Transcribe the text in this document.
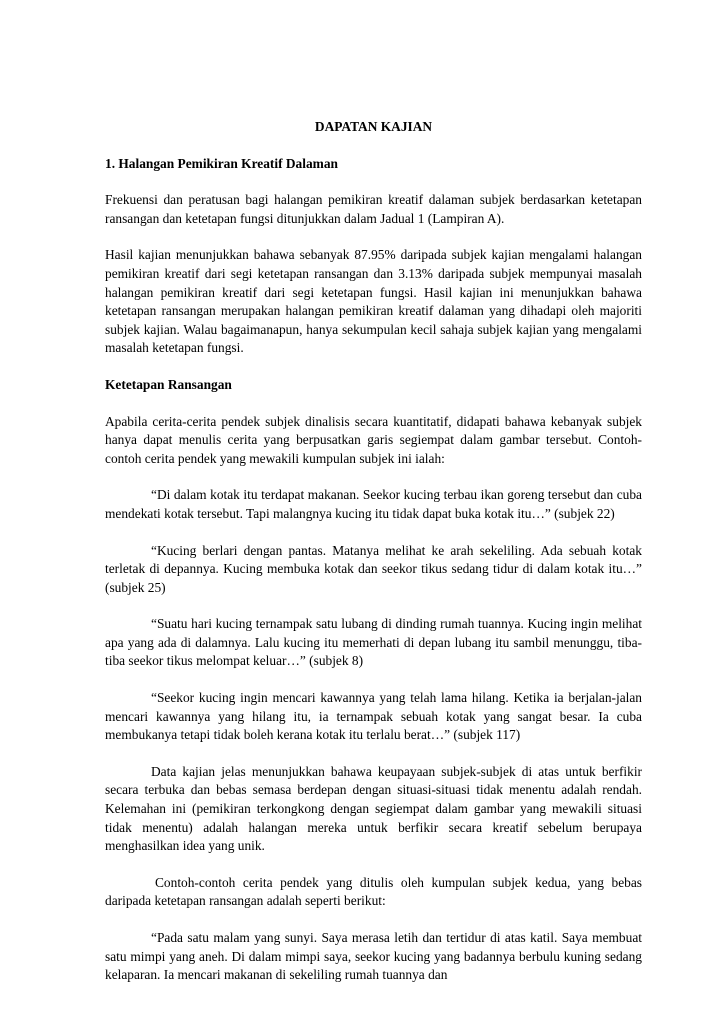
DAPATAN KAJIAN

1. Halangan Pemikiran Kreatif Dalaman

Frekuensi dan peratusan bagi halangan pemikiran kreatif dalaman subjek berdasarkan ketetapan ransangan dan ketetapan fungsi ditunjukkan dalam Jadual 1 (Lampiran A).

Hasil kajian menunjukkan bahawa sebanyak 87.95% daripada subjek kajian mengalami halangan pemikiran kreatif dari segi ketetapan ransangan dan 3.13% daripada subjek mempunyai masalah halangan pemikiran kreatif dari segi ketetapan fungsi. Hasil kajian ini menunjukkan bahawa ketetapan ransangan merupakan halangan pemikiran kreatif dalaman yang dihadapi oleh majoriti subjek kajian. Walau bagaimanapun, hanya sekumpulan kecil sahaja subjek kajian yang mengalami masalah ketetapan fungsi.

Ketetapan Ransangan

Apabila cerita-cerita pendek subjek dinalisis secara kuantitatif, didapati bahawa kebanyak subjek hanya dapat menulis cerita yang berpusatkan garis segiempat dalam gambar tersebut. Contoh-contoh cerita pendek yang mewakili kumpulan subjek ini ialah:

“Di dalam kotak itu terdapat makanan. Seekor kucing terbau ikan goreng tersebut dan cuba mendekati kotak tersebut. Tapi malangnya kucing itu tidak dapat buka kotak itu…” (subjek 22)

“Kucing berlari dengan pantas. Matanya melihat ke arah sekeliling. Ada sebuah kotak terletak di depannya. Kucing membuka kotak dan seekor tikus sedang tidur di dalam kotak itu…” (subjek 25)

“Suatu hari kucing ternampak satu lubang di dinding rumah tuannya. Kucing ingin melihat apa yang ada di dalamnya. Lalu kucing itu memerhati di depan lubang itu sambil menunggu, tiba-tiba seekor tikus melompat keluar…” (subjek 8)

“Seekor kucing ingin mencari kawannya yang telah lama hilang. Ketika ia berjalan-jalan mencari kawannya yang hilang itu, ia ternampak sebuah kotak yang sangat besar. Ia cuba membukanya tetapi tidak boleh kerana kotak itu terlalu berat…” (subjek 117)

Data kajian jelas menunjukkan bahawa keupayaan subjek-subjek di atas untuk berfikir secara terbuka dan bebas semasa berdepan dengan situasi-situasi tidak menentu adalah rendah. Kelemahan ini (pemikiran terkongkong dengan segiempat dalam gambar yang mewakili situasi tidak menentu) adalah halangan mereka untuk berfikir secara kreatif sebelum berupaya menghasilkan idea yang unik.

Contoh-contoh cerita pendek yang ditulis oleh kumpulan subjek kedua, yang bebas daripada ketetapan ransangan adalah seperti berikut:

“Pada satu malam yang sunyi. Saya merasa letih dan tertidur di atas katil. Saya membuat satu mimpi yang aneh. Di dalam mimpi saya, seekor kucing yang badannya berbulu kuning sedang kelaparan. Ia mencari makanan di sekeliling rumah tuannya dan
